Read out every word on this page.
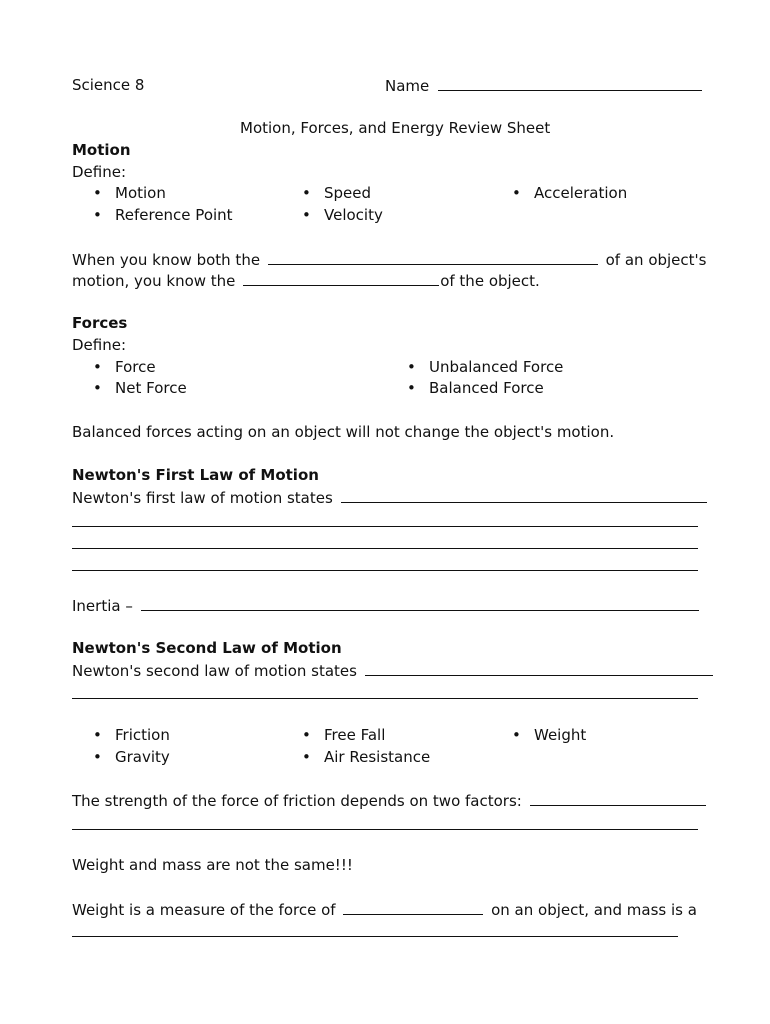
Science 8	Name
Motion, Forces, and Energy Review Sheet
Motion
Define:
• Motion
• Reference Point
• Speed
• Velocity
• Acceleration
When you know both the	of an object's
motion, you know the	of the object.
Forces
Define:
• Force
• Net Force
• Unbalanced Force
• Balanced Force
Balanced forces acting on an object will not change the object's motion.
Newton's First Law of Motion
Newton's first law of motion states
Inertia –
Newton's Second Law of Motion
Newton's second law of motion states
• Friction
• Gravity
• Free Fall
• Air Resistance
• Weight
The strength of the force of friction depends on two factors:
Weight and mass are not the same!!!
Weight is a measure of the force of	on an object, and mass is a
